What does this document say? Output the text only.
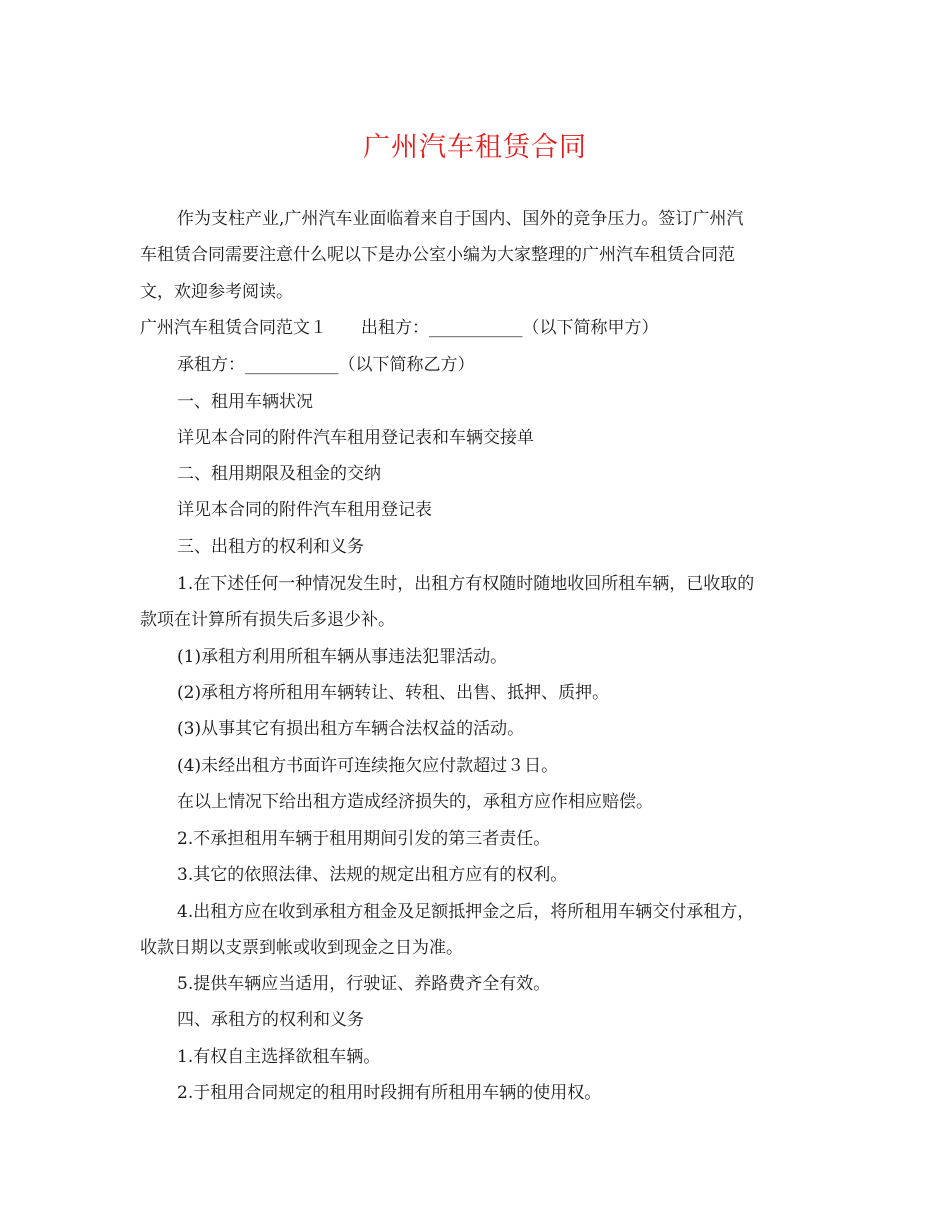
广州汽车租赁合同
作为支柱产业,广州汽车业面临着来自于国内、国外的竞争压力。签订广州汽
车租赁合同需要注意什么呢以下是办公室小编为大家整理的广州汽车租赁合同范
文，欢迎参考阅读。
广州汽车租赁合同范文１　　出租方：___________（以下简称甲方）
承租方：___________（以下简称乙方）
一、租用车辆状况
详见本合同的附件汽车租用登记表和车辆交接单
二、租用期限及租金的交纳
详见本合同的附件汽车租用登记表
三、出租方的权利和义务
1.在下述任何一种情况发生时，出租方有权随时随地收回所租车辆，已收取的
款项在计算所有损失后多退少补。
(1)承租方利用所租车辆从事违法犯罪活动。
(2)承租方将所租用车辆转让、转租、出售、抵押、质押。
(3)从事其它有损出租方车辆合法权益的活动。
(4)未经出租方书面许可连续拖欠应付款超过３日。
在以上情况下给出租方造成经济损失的，承租方应作相应赔偿。
2.不承担租用车辆于租用期间引发的第三者责任。
3.其它的依照法律、法规的规定出租方应有的权利。
4.出租方应在收到承租方租金及足额抵押金之后，将所租用车辆交付承租方，
收款日期以支票到帐或收到现金之日为准。
5.提供车辆应当适用，行驶证、养路费齐全有效。
四、承租方的权利和义务
1.有权自主选择欲租车辆。
2.于租用合同规定的租用时段拥有所租用车辆的使用权。
